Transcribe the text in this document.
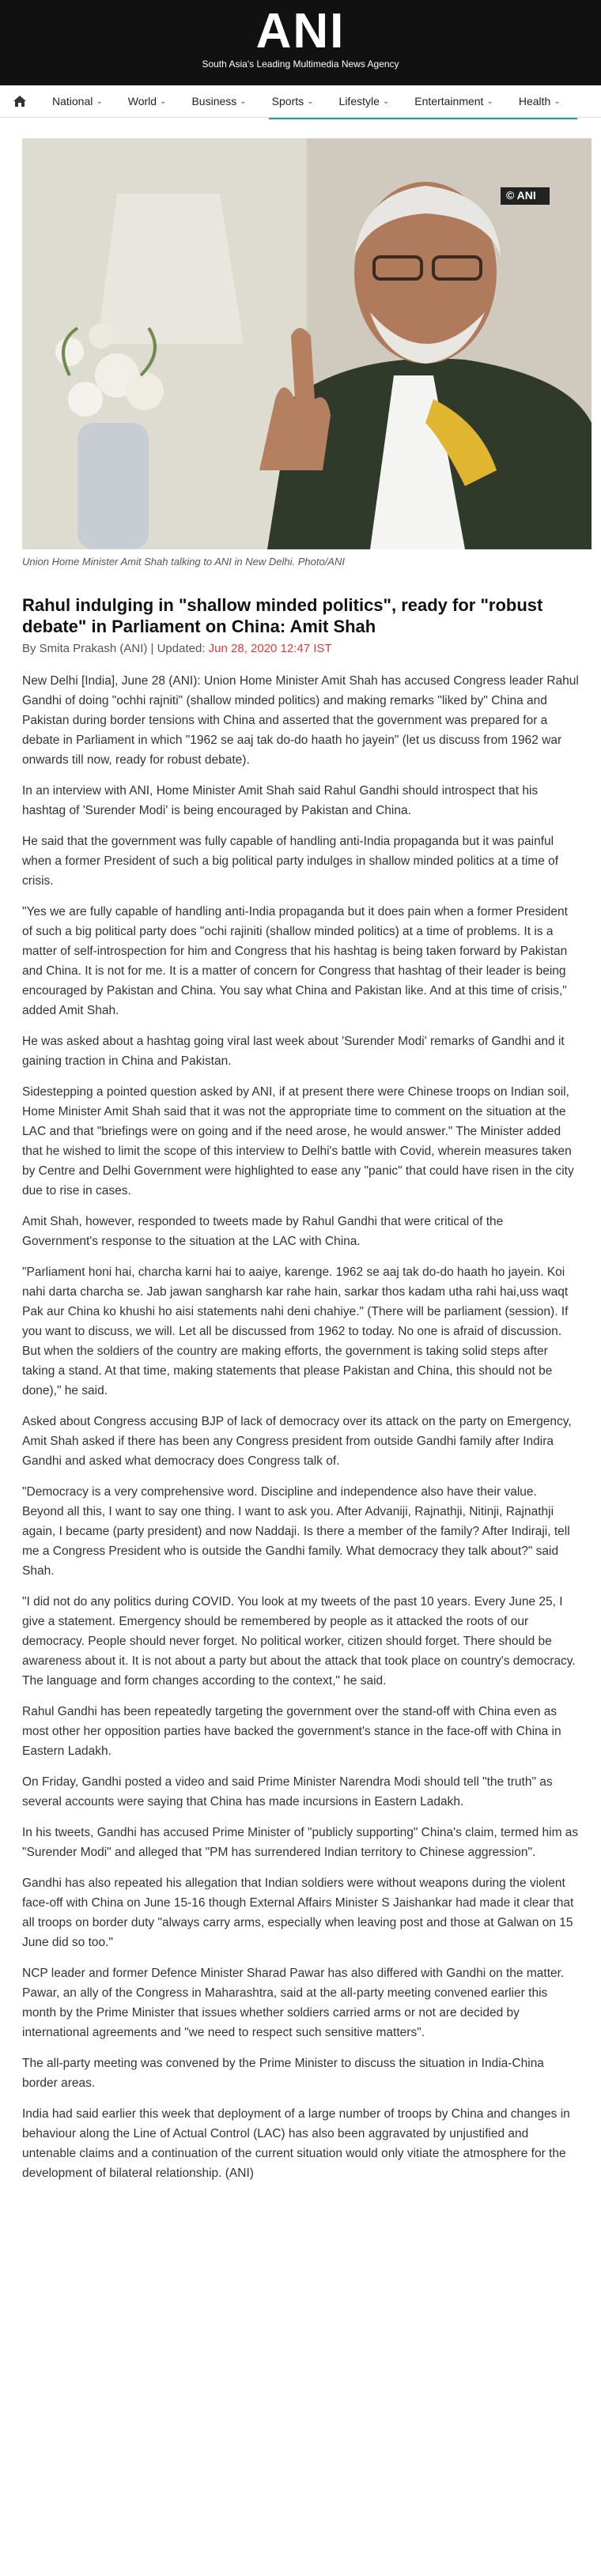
ANI
South Asia's Leading Multimedia News Agency
National ⌄ World ⌄ Business ⌄ Sports ⌄ Lifestyle ⌄ Entertainment ⌄ Health ⌄
© ANI
Union Home Minister Amit Shah talking to ANI in New Delhi. Photo/ANI
Rahul indulging in "shallow minded politics", ready for "robust debate" in Parliament on China: Amit Shah
By Smita Prakash (ANI) | Updated: Jun 28, 2020 12:47 IST

New Delhi [India], June 28 (ANI): Union Home Minister Amit Shah has accused Congress leader Rahul Gandhi of doing "ochhi rajniti" (shallow minded politics) and making remarks "liked by" China and Pakistan during border tensions with China and asserted that the government was prepared for a debate in Parliament in which "1962 se aaj tak do-do haath ho jayein" (let us discuss from 1962 war onwards till now, ready for robust debate).

In an interview with ANI, Home Minister Amit Shah said Rahul Gandhi should introspect that his hashtag of 'Surender Modi' is being encouraged by Pakistan and China.

He said that the government was fully capable of handling anti-India propaganda but it was painful when a former President of such a big political party indulges in shallow minded politics at a time of crisis.

"Yes we are fully capable of handling anti-India propaganda but it does pain when a former President of such a big political party does "ochi rajiniti (shallow minded politics) at a time of problems. It is a matter of self-introspection for him and Congress that his hashtag is being taken forward by Pakistan and China. It is not for me. It is a matter of concern for Congress that hashtag of their leader is being encouraged by Pakistan and China. You say what China and Pakistan like. And at this time of crisis," added Amit Shah.

He was asked about a hashtag going viral last week about 'Surender Modi' remarks of Gandhi and it gaining traction in China and Pakistan.

Sidestepping a pointed question asked by ANI, if at present there were Chinese troops on Indian soil, Home Minister Amit Shah said that it was not the appropriate time to comment on the situation at the LAC and that "briefings were on going and if the need arose, he would answer." The Minister added that he wished to limit the scope of this interview to Delhi's battle with Covid, wherein measures taken by Centre and Delhi Government were highlighted to ease any "panic" that could have risen in the city due to rise in cases.

Amit Shah, however, responded to tweets made by Rahul Gandhi that were critical of the Government's response to the situation at the LAC with China.

"Parliament honi hai, charcha karni hai to aaiye, karenge. 1962 se aaj tak do-do haath ho jayein. Koi nahi darta charcha se. Jab jawan sangharsh kar rahe hain, sarkar thos kadam utha rahi hai,uss waqt Pak aur China ko khushi ho aisi statements nahi deni chahiye." (There will be parliament (session). If you want to discuss, we will. Let all be discussed from 1962 to today. No one is afraid of discussion. But when the soldiers of the country are making efforts, the government is taking solid steps after taking a stand. At that time, making statements that please Pakistan and China, this should not be done)," he said.

Asked about Congress accusing BJP of lack of democracy over its attack on the party on Emergency, Amit Shah asked if there has been any Congress president from outside Gandhi family after Indira Gandhi and asked what democracy does Congress talk of.

"Democracy is a very comprehensive word. Discipline and independence also have their value. Beyond all this, I want to say one thing. I want to ask you. After Advaniji, Rajnathji, Nitinji, Rajnathji again, I became (party president) and now Naddaji. Is there a member of the family? After Indiraji, tell me a Congress President who is outside the Gandhi family. What democracy they talk about?" said Shah.

"I did not do any politics during COVID. You look at my tweets of the past 10 years. Every June 25, I give a statement. Emergency should be remembered by people as it attacked the roots of our democracy. People should never forget. No political worker, citizen should forget. There should be awareness about it. It is not about a party but about the attack that took place on country's democracy. The language and form changes according to the context," he said.

Rahul Gandhi has been repeatedly targeting the government over the stand-off with China even as most other her opposition parties have backed the government's stance in the face-off with China in Eastern Ladakh.

On Friday, Gandhi posted a video and said Prime Minister Narendra Modi should tell "the truth" as several accounts were saying that China has made incursions in Eastern Ladakh.

In his tweets, Gandhi has accused Prime Minister of "publicly supporting" China's claim, termed him as "Surender Modi" and alleged that "PM has surrendered Indian territory to Chinese aggression".

Gandhi has also repeated his allegation that Indian soldiers were without weapons during the violent face-off with China on June 15-16 though External Affairs Minister S Jaishankar had made it clear that all troops on border duty "always carry arms, especially when leaving post and those at Galwan on 15 June did so too."

NCP leader and former Defence Minister Sharad Pawar has also differed with Gandhi on the matter. Pawar, an ally of the Congress in Maharashtra, said at the all-party meeting convened earlier this month by the Prime Minister that issues whether soldiers carried arms or not are decided by international agreements and "we need to respect such sensitive matters".

The all-party meeting was convened by the Prime Minister to discuss the situation in India-China border areas.

India had said earlier this week that deployment of a large number of troops by China and changes in behaviour along the Line of Actual Control (LAC) has also been aggravated by unjustified and untenable claims and a continuation of the current situation would only vitiate the atmosphere for the development of bilateral relationship. (ANI)
